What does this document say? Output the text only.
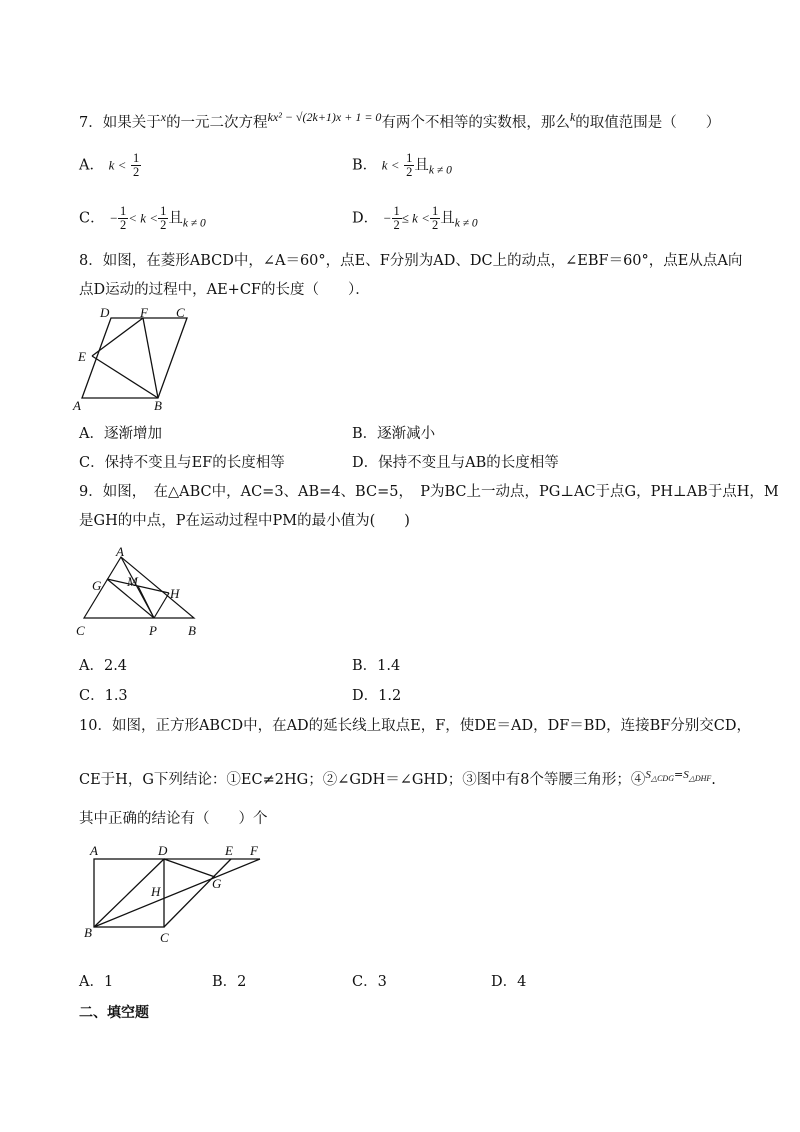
7．如果关于$^x$的一元二次方程$^{kx^2 - √(2k+1)x + 1 = 0}$有两个不相等的实数根，那么$^k$的取值范围是（　　）
A． $k < \frac{1}{2}$	B． $k < \frac{1}{2}$ 且$_{k \ne 0}$
C． − $\frac{1}{2} < k < \frac{1}{2}$ 且$_{k \ne 0}$	D． − $\frac{1}{2} \le k < \frac{1}{2}$ 且$_{k \ne 0}$
8．如图，在菱形ABCD中，∠A＝60°，点E、F分别为AD、DC上的动点，∠EBF＝60°，点E从点A向
点D运动的过程中，AE+CF的长度（　　）．
D F C
E
A	B
A．逐渐增加	B．逐渐减小
C．保持不变且与EF的长度相等	D．保持不变且与AB的长度相等
9．如图，　在△ABC中，AC=3、AB=4、BC=5，　P为BC上一动点，PG⊥AC于点G，PH⊥AB于点H，M
是GH的中点，P在运动过程中PM的最小值为(　　)
A
G M
H
C	P B
A．2.4	B．1.4
C．1.3	D．1.2
10．如图，正方形ABCD中，在AD的延长线上取点E，F，使DE＝AD，DF＝BD，连接BF分别交CD，
CE于H，G下列结论：①EC≠2HG；②∠GDH＝∠GHD；③图中有8个等腰三角形；④$^{S_{\triangle CDG}=S_{\triangle DHF}}$.
其中正确的结论有（　　）个
A	D	E F
H
G
B	C
A．1	B．2	C．3	D．4
二、填空题
